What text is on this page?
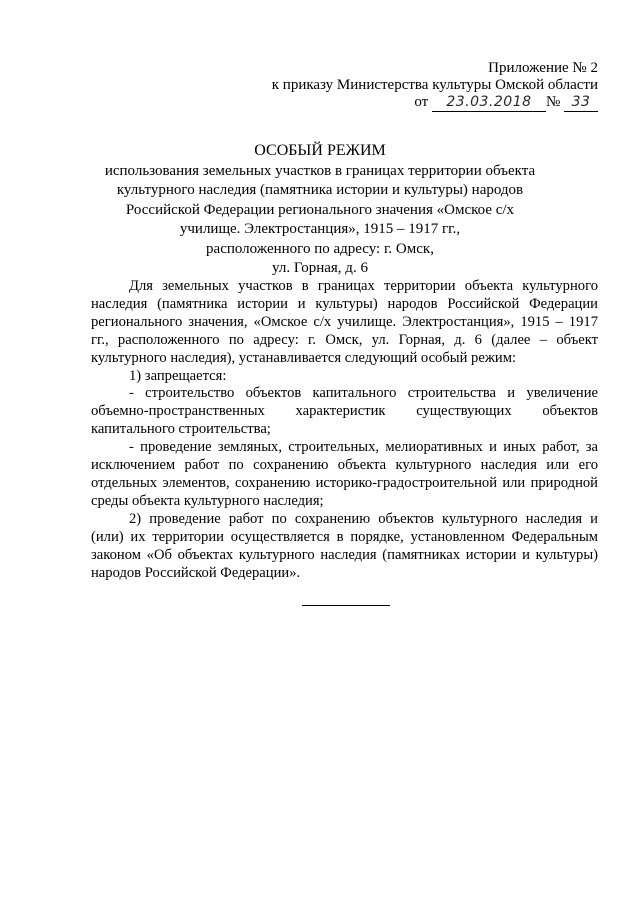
Приложение № 2
к приказу Министерства культуры Омской области
от 23.03.2018 № 33
ОСОБЫЙ РЕЖИМ
использования земельных участков в границах территории объекта
культурного наследия (памятника истории и культуры) народов
Российской Федерации регионального значения «Омское с/х
училище. Электростанция», 1915 – 1917 гг.,
расположенного по адресу: г. Омск,
ул. Горная, д. 6

Для земельных участков в границах территории объекта культурного наследия (памятника истории и культуры) народов Российской Федерации регионального значения, «Омское с/х училище. Электростанция», 1915 – 1917 гг., расположенного по адресу: г. Омск, ул. Горная, д. 6 (далее – объект культурного наследия), устанавливается следующий особый режим:

1) запрещается:

- строительство объектов капитального строительства и увеличение объемно-пространственных характеристик существующих объектов капитального строительства;

- проведение земляных, строительных, мелиоративных и иных работ, за исключением работ по сохранению объекта культурного наследия или его отдельных элементов, сохранению историко-градостроительной или природной среды объекта культурного наследия;

2) проведение работ по сохранению объектов культурного наследия и (или) их территории осуществляется в порядке, установленном Федеральным законом «Об объектах культурного наследия (памятниках истории и культуры) народов Российской Федерации».
